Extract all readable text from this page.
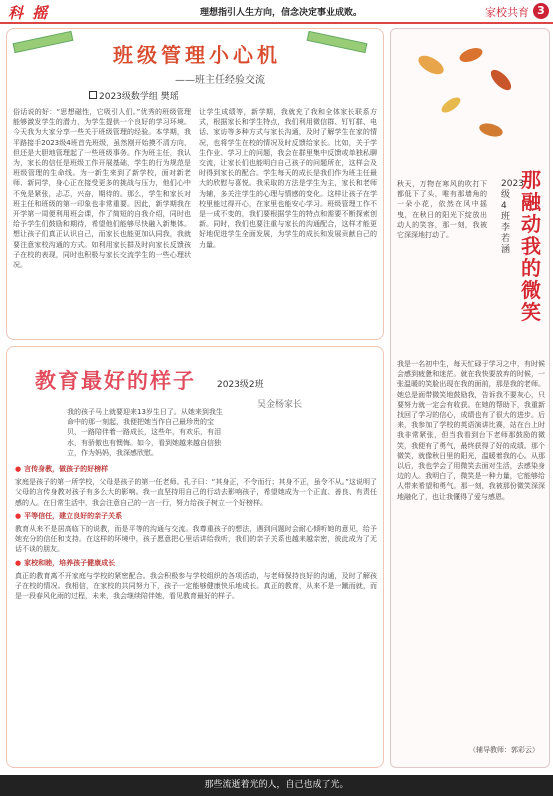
科 摇	理想指引人生方向，信念决定事业成败。	家校共育 3
班级管理小心机
——班主任经验交流
2023级数学组 樊瑶
俗话说的好：“思想磁性，它吸引人们。”优秀的班级管理能够激发学生的潜力，为学生提供一个良好的学习环境。今天我为大家分享一些关于班级管理的经验。本学期，我平路接手2023级4班首先班级，虽然刚开始摸不清方向，但还是大胆地管理起了一些班级事务。作为班主任，我认为，家长的信任是班级工作开展基础，学生的行为规范是班级管理的生命线。为一新生来到了新学校，面对新老师、新同学，身心正在接受更多的挑战与压力，他们心中不免是紧张，忐忑，兴奋，期待的。那么，学生和家长对班主任和班级的第一印象也非常重要。因此，新学期我在开学第一周便利用班会课，作了简短的自我介绍，同时也给予学生们鼓励和期待，希望他们能够尽快融入新集体。想让孩子们真正认识自己，而家长也能更加认同我，我就要注意家校沟通的方式。如利用家长群及时向家长反馈孩子在校的表现，同时也积极与家长交流学生的一些心理状况。
让学生成绩等，新学期，我就充了我和全体家长联系方式，根据家长和学生特点，我们利用微信群、钉钉群、电话、家访等多种方式与家长沟通，及时了解学生在家的情况，也将学生在校的情况及时反馈给家长。比如，关于学生作业、学习上的问题，我会在群里集中反馈或单独私聊交流，让家长们也能明白自己孩子的问题所在，这样会及时得到家长的配合。学生每天的成长是我们作为班主任最大的欣慰与喜悦。我采取的方法是学生为主，家长和老师为辅，多关注学生的心理与情感的变化。这样让孩子在学校里能过得开心，在家里也能安心学习。班级管理工作不是一成不变的，我们要根据学生的特点和需要不断探索创新。同时，我们也要注重与家长的沟通配合，这样才能更好地促进学生全面发展，为学生的成长和发展贡献自己的力量。
教育最好的样子 2023级2班
吴金杨家长
我的孩子马上就要迎来13岁生日了。从她来到我生命中的那一刻起，我便把她当作自己最珍贵的宝贝，一路陪伴着一路成长，这些年，有欢乐，有泪水，有骄傲也有懊悔。如今，看到她越来越自信独立，作为妈妈，我深感欣慰。
● 言传身教，做孩子的好榜样

家庭是孩子的第一所学校，父母是孩子的第一任老师。孔子曰：“其身正，不令而行；其身不正，虽令不从。”这说明了父母的言传身教对孩子有多么大的影响。我一直坚持用自己的行动去影响孩子，希望她成为一个正直、善良、有责任感的人。在日常生活中，我会注意自己的一言一行，努力给孩子树立一个好榜样。

● 平等信任，建立良好的亲子关系

教育从来不是居高临下的说教，而是平等的沟通与交流。我尊重孩子的想法，遇到问题时会耐心倾听她的意见，给予她充分的信任和支持。在这样的环境中，孩子愿意把心里话讲给我听，我们的亲子关系也越来越亲密，彼此成为了无话不谈的朋友。

● 家校和睦，培养孩子健康成长

真正的教育离不开家庭与学校的紧密配合。我会积极参与学校组织的各项活动，与老师保持良好的沟通，及时了解孩子在校的情况。我相信，在家校的共同努力下，孩子一定能够健康快乐地成长。真正的教育，从来不是一蹴而就，而是一段春风化雨的过程，未来，我会继续陪伴她，看见教育最好的样子。

那融动我的微笑
2023级4班 李若涵
秋天，万物在寒风的吹打下都低下了头，唯有那墙角的一朵小花，依然在风中摇曳，在秋日的阳光下绽放出动人的笑容，那一刻，我被它深深地打动了。
我是一名初中生，每天忙碌于学习之中，有时候会感到疲惫和迷茫。就在我快要放弃的时候，一张温暖的笑脸出现在我的面前，那是我的老师。她总是面带微笑地鼓励我，告诉我不要灰心，只要努力就一定会有收获。在她的帮助下，我重新找回了学习的信心，成绩也有了很大的进步。后来，我参加了学校的英语演讲比赛，站在台上时我非常紧张，但当我看到台下老师那鼓励的微笑，我便有了勇气，最终获得了好的成绩。那个微笑，就像秋日里的阳光，温暖着我的心。从那以后，我也学会了用微笑去面对生活，去感染身边的人。我明白了，微笑是一种力量，它能够给人带来希望和勇气。那一刻，我被那份微笑深深地融化了，也让我懂得了爱与感恩。
（辅导教师：郭彩云）
那些流逝着光的人，自己也成了光。
